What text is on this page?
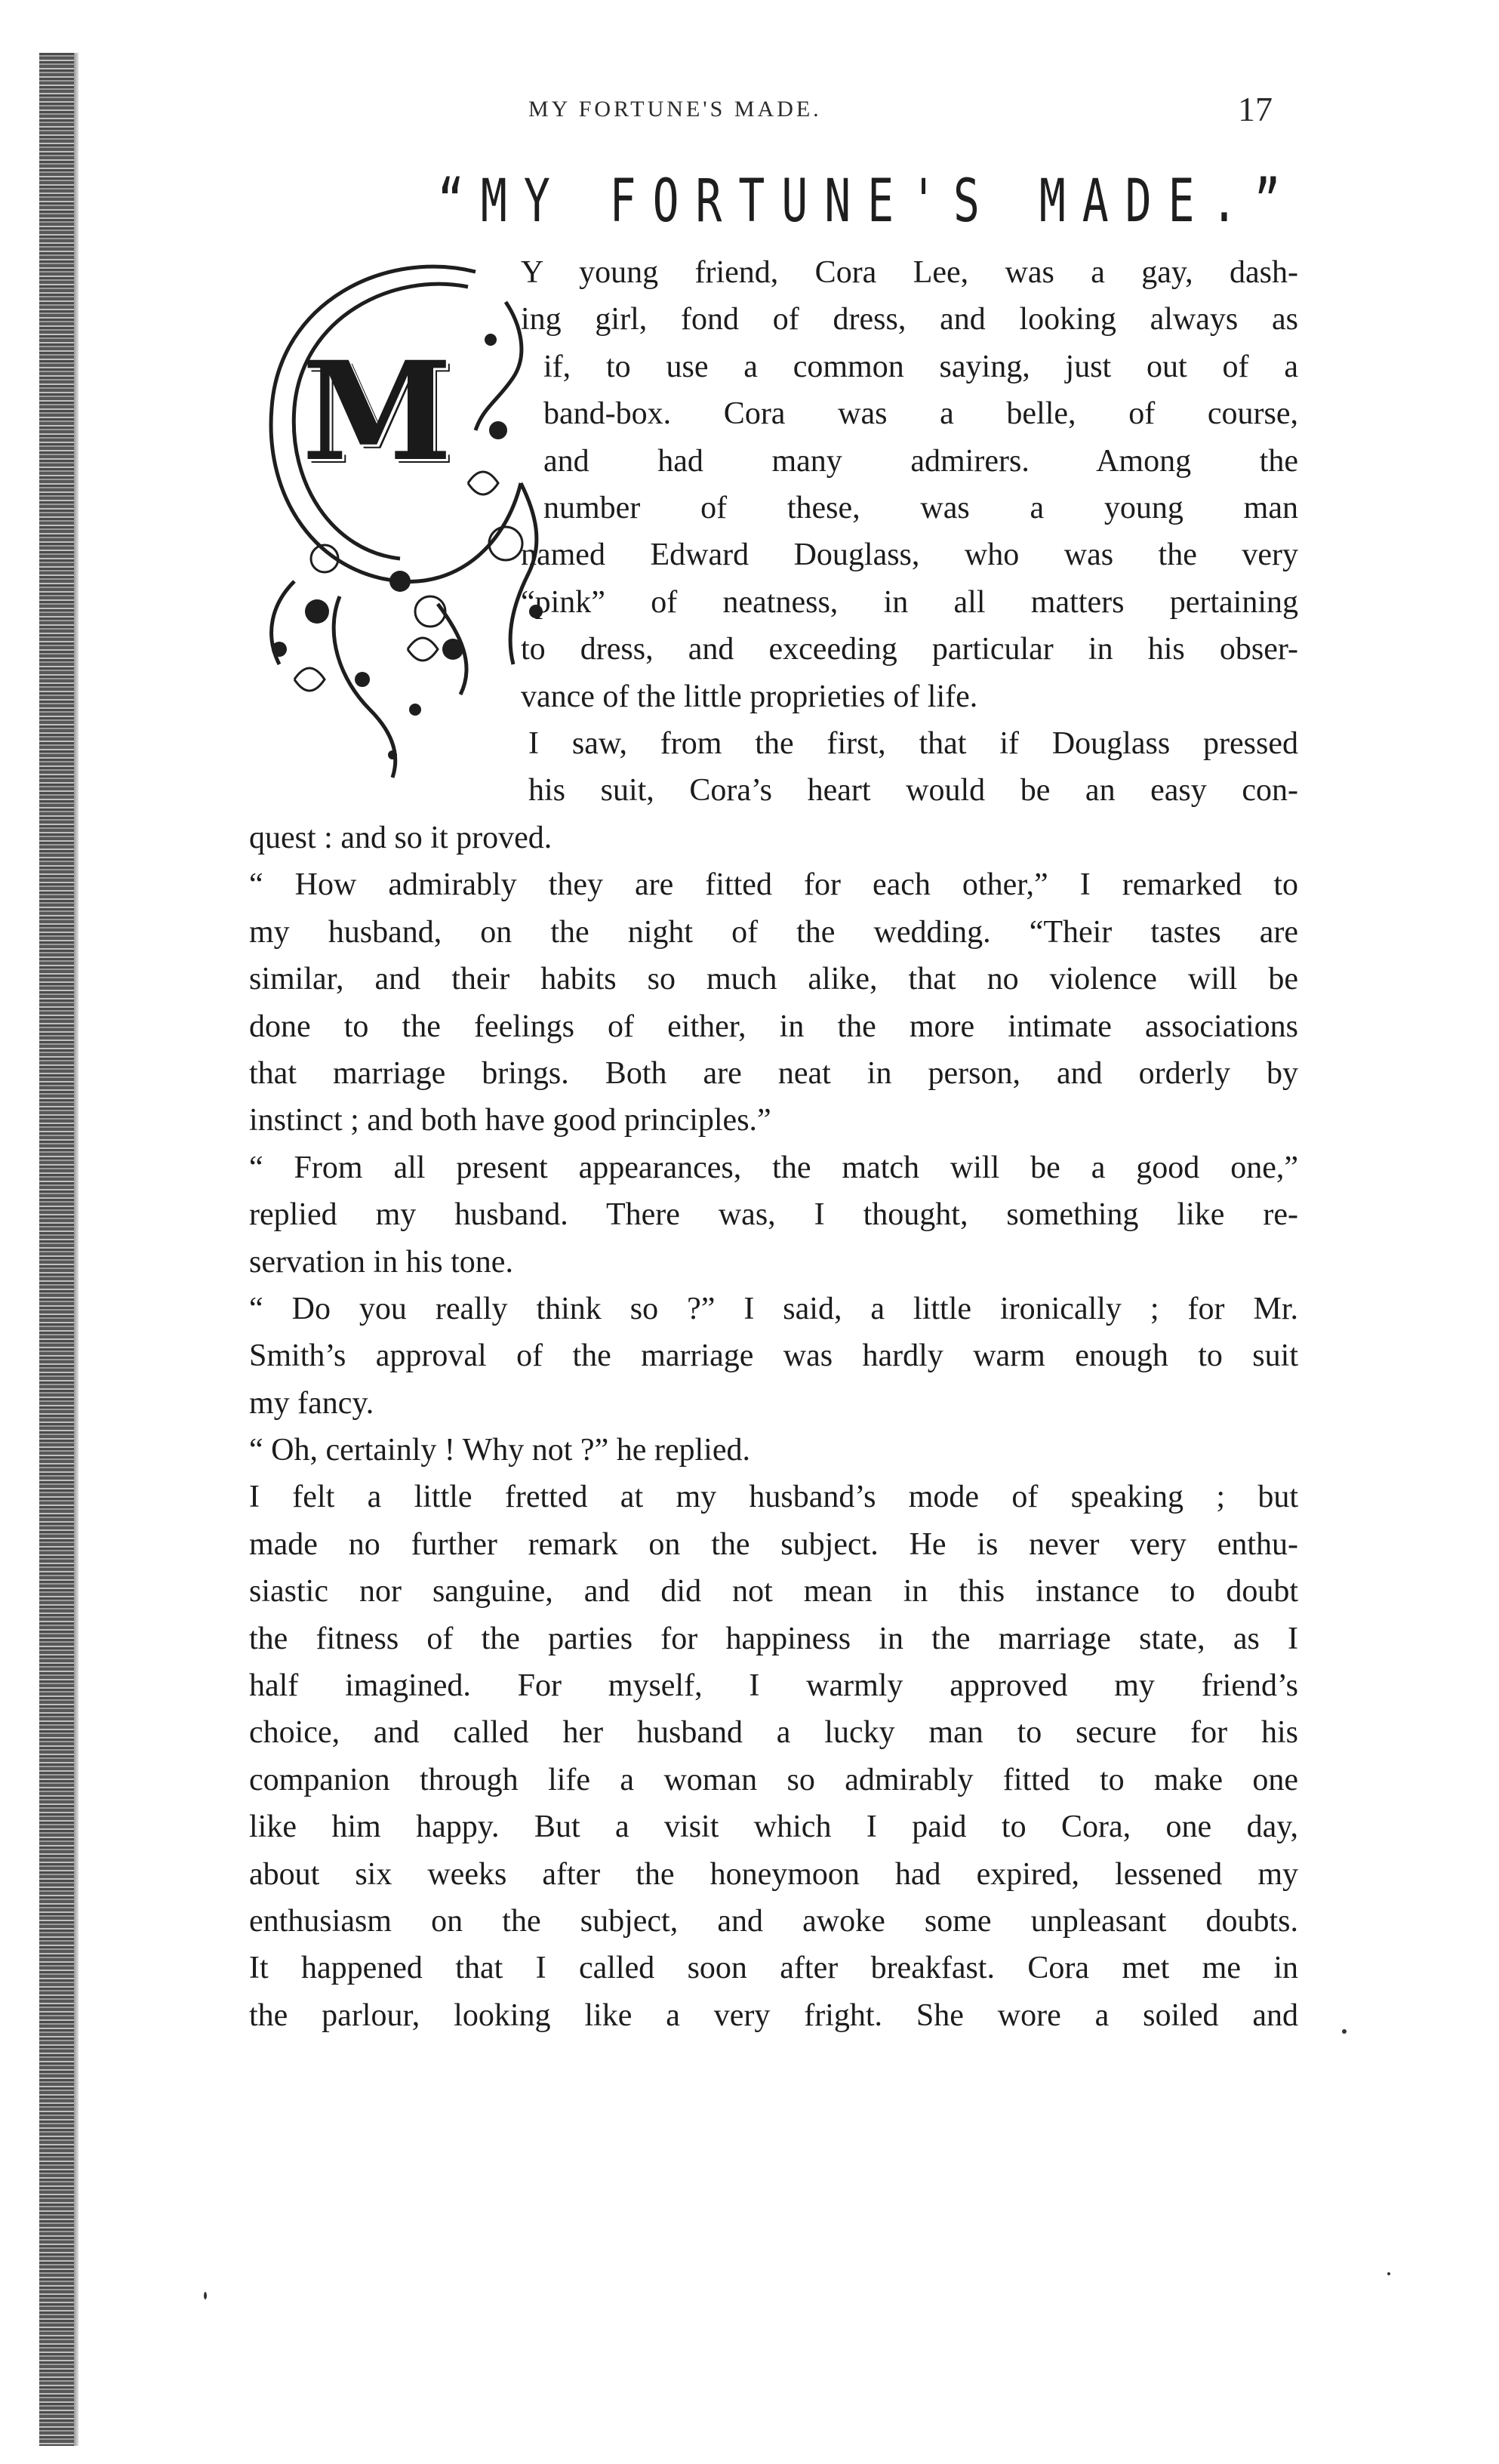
MY FORTUNE'S MADE.	17
“MY FORTUNE'S MADE.”
M

Y young friend, Cora Lee, was a gay, dash-

ing girl, fond of dress, and looking always as

if, to use a common saying, just out of a

band-box. Cora was a belle, of course,

and had many admirers. Among the

number of these, was a young man

named Edward Douglass, who was the very

“pink” of neatness, in all matters pertaining

to dress, and exceeding particular in his obser-

vance of the little proprieties of life.

I saw, from the first, that if Douglass pressed

his suit, Cora’s heart would be an easy con-

quest : and so it proved.

“ How admirably they are fitted for each other,” I remarked to

my husband, on the night of the wedding. “Their tastes are

similar, and their habits so much alike, that no violence will be

done to the feelings of either, in the more intimate associations

that marriage brings. Both are neat in person, and orderly by

instinct ; and both have good principles.”

“ From all present appearances, the match will be a good one,”

replied my husband. There was, I thought, something like re-

servation in his tone.

“ Do you really think so ?” I said, a little ironically ; for Mr.

Smith’s approval of the marriage was hardly warm enough to suit

my fancy.

“ Oh, certainly ! Why not ?” he replied.

I felt a little fretted at my husband’s mode of speaking ; but

made no further remark on the subject. He is never very enthu-

siastic nor sanguine, and did not mean in this instance to doubt

the fitness of the parties for happiness in the marriage state, as I

half imagined. For myself, I warmly approved my friend’s

choice, and called her husband a lucky man to secure for his

companion through life a woman so admirably fitted to make one

like him happy. But a visit which I paid to Cora, one day,

about six weeks after the honeymoon had expired, lessened my

enthusiasm on the subject, and awoke some unpleasant doubts.

It happened that I called soon after breakfast. Cora met me in

the parlour, looking like a very fright. She wore a soiled and
